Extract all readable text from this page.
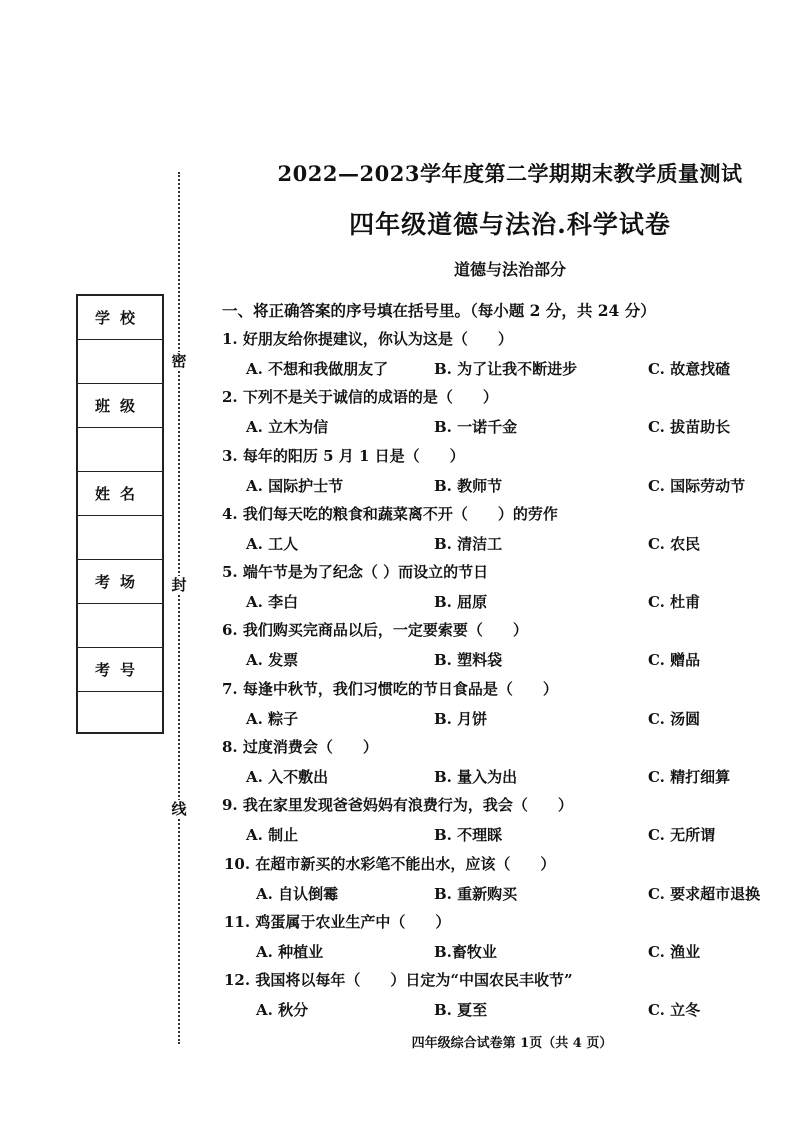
密
封
线
学校
班级
姓名
考场
考号
2022—2023学年度第二学期期末教学质量测试
四年级道德与法治.科学试卷
道德与法治部分
一、将正确答案的序号填在括号里。（每小题 2 分，共 24 分）
1. 好朋友给你提建议，你认为这是（　　）
A. 不想和我做朋友了	B. 为了让我不断进步	C. 故意找碴
2. 下列不是关于诚信的成语的是（　　）
A. 立木为信	B. 一诺千金	C. 拔苗助长
3. 每年的阳历 5 月 1 日是（　　）
A. 国际护士节	B. 教师节	C. 国际劳动节
4. 我们每天吃的粮食和蔬菜离不开（　　）的劳作
A. 工人	B. 清洁工	C. 农民
5. 端午节是为了纪念（ ）而设立的节日
A. 李白	B. 屈原	C. 杜甫
6. 我们购买完商品以后，一定要索要（　　）
A. 发票	B. 塑料袋	C. 赠品
7. 每逢中秋节，我们习惯吃的节日食品是（　　）
A. 粽子	B. 月饼	C. 汤圆
8. 过度消费会（　　）
A. 入不敷出	B. 量入为出	C. 精打细算
9. 我在家里发现爸爸妈妈有浪费行为，我会（　　）
A. 制止	B. 不理睬	C. 无所谓
10. 在超市新买的水彩笔不能出水，应该（　　）
A. 自认倒霉	B. 重新购买	C. 要求超市退换
11. 鸡蛋属于农业生产中（　　）
A. 种植业	B.畜牧业	C. 渔业
12. 我国将以每年（　　）日定为“中国农民丰收节”
A. 秋分	B. 夏至	C. 立冬
四年级综合试卷第 1页（共 4 页）
